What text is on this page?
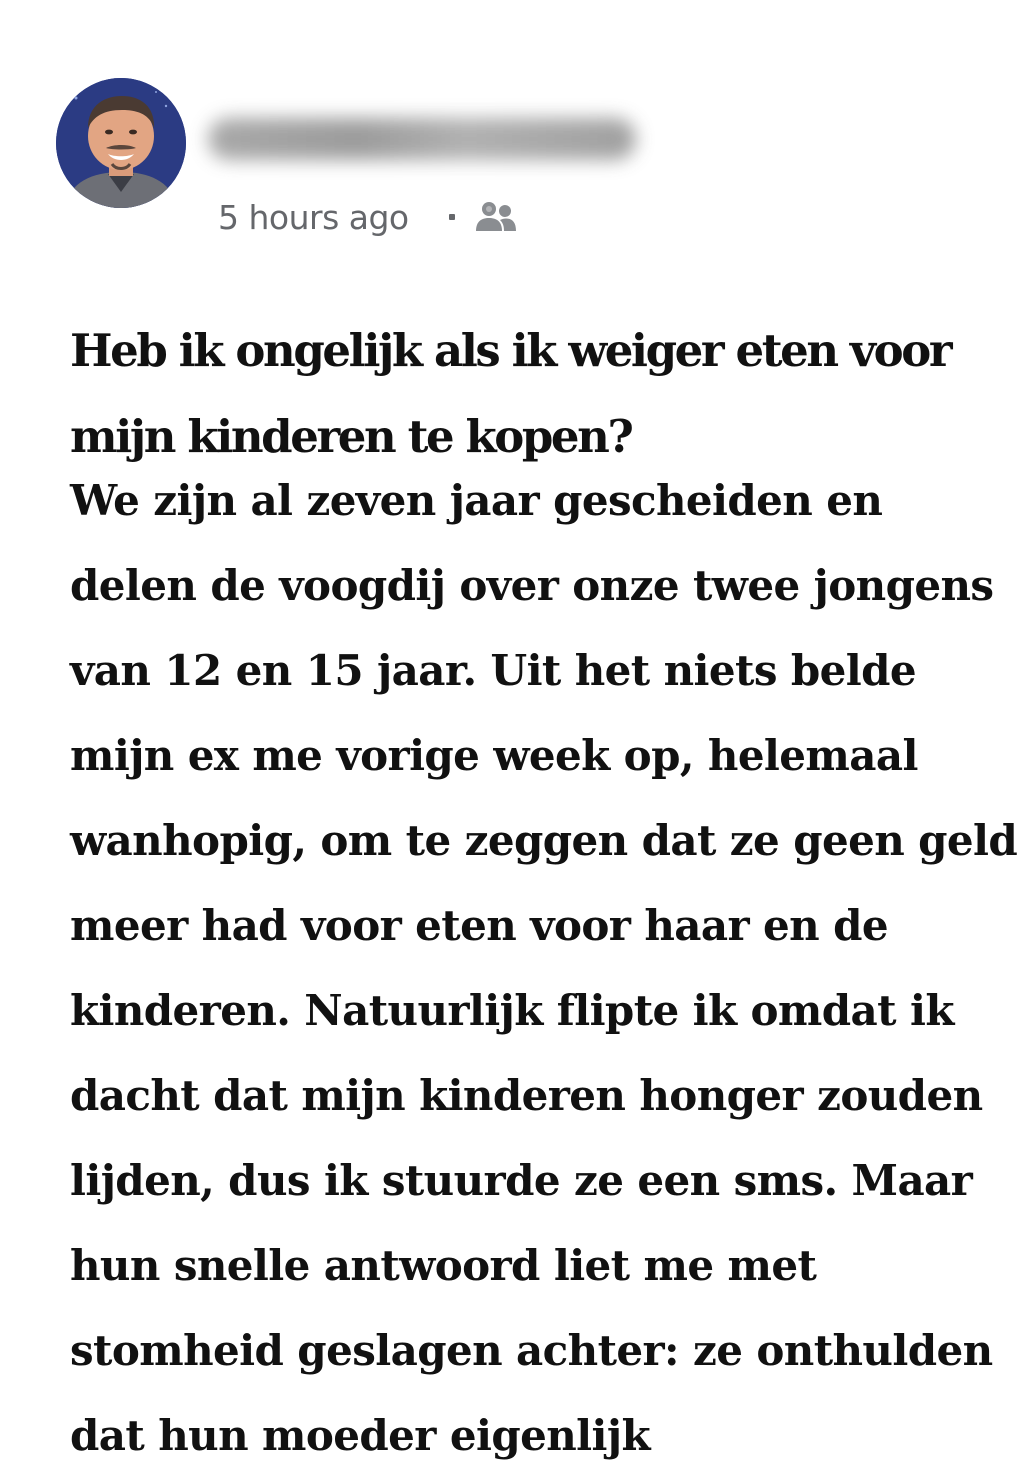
5 hours ago
Heb ik ongelijk als ik weiger eten voor mijn kinderen te kopen?

We zijn al zeven jaar gescheiden en delen de voogdij over onze twee jongens van 12 en 15 jaar. Uit het niets belde mijn ex me vorige week op, helemaal wanhopig, om te zeggen dat ze geen geld meer had voor eten voor haar en de kinderen. Natuurlijk flipte ik omdat ik dacht dat mijn kinderen honger zouden lijden, dus ik stuurde ze een sms. Maar hun snelle antwoord liet me met stomheid geslagen achter: ze onthulden dat hun moeder eigenlijk
